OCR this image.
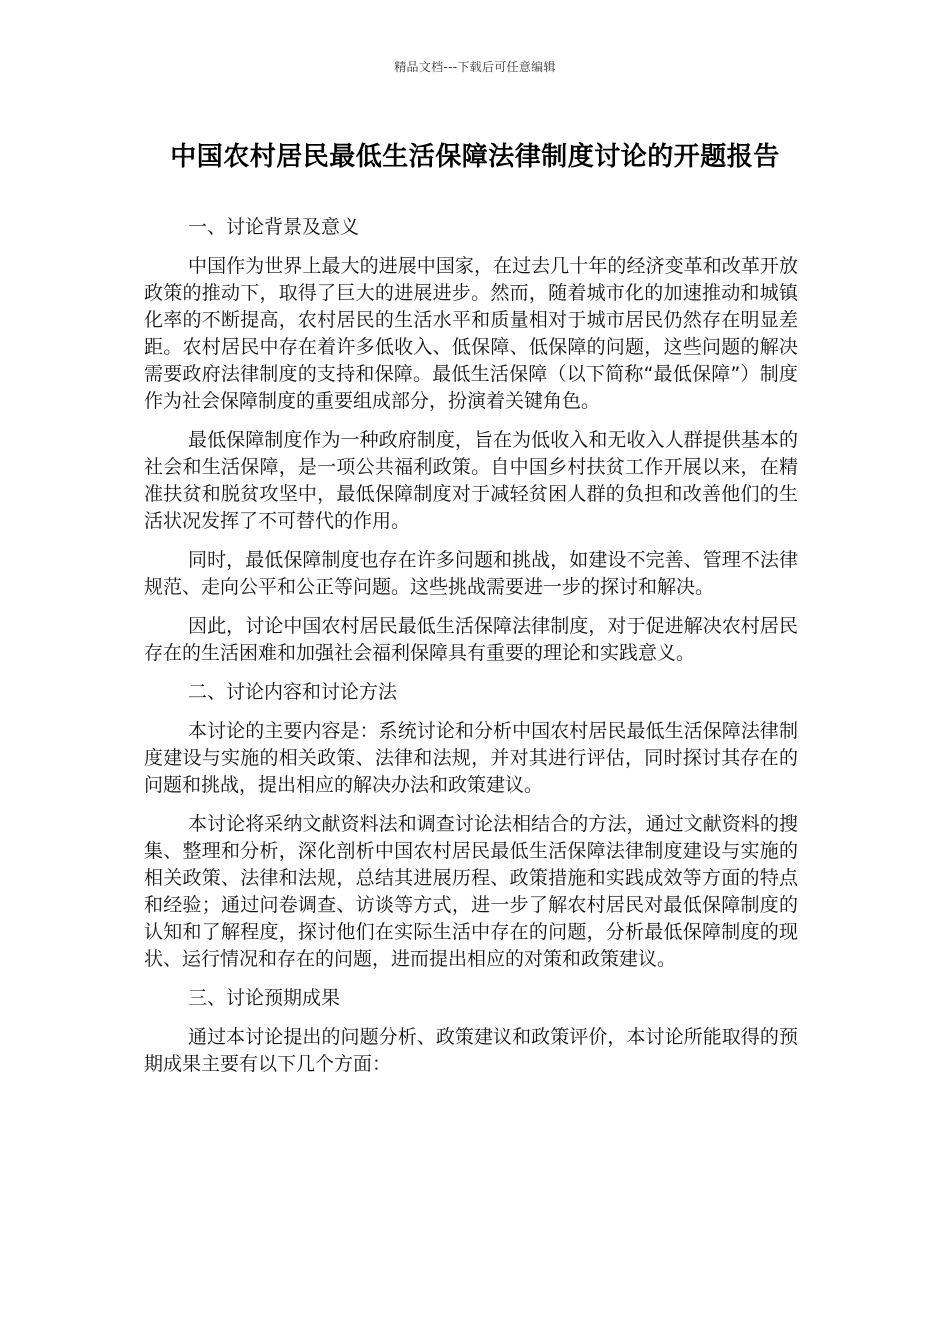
精品文档---下载后可任意编辑
中国农村居民最低生活保障法律制度讨论的开题报告
一、讨论背景及意义

中国作为世界上最大的进展中国家，在过去几十年的经济变革和改革开放政策的推动下，取得了巨大的进展进步。然而，随着城市化的加速推动和城镇化率的不断提高，农村居民的生活水平和质量相对于城市居民仍然存在明显差距。农村居民中存在着许多低收入、低保障、低保障的问题，这些问题的解决需要政府法律制度的支持和保障。最低生活保障（以下简称“最低保障”）制度作为社会保障制度的重要组成部分，扮演着关键角色。

最低保障制度作为一种政府制度，旨在为低收入和无收入人群提供基本的社会和生活保障，是一项公共福利政策。自中国乡村扶贫工作开展以来，在精准扶贫和脱贫攻坚中，最低保障制度对于减轻贫困人群的负担和改善他们的生活状况发挥了不可替代的作用。

同时，最低保障制度也存在许多问题和挑战，如建设不完善、管理不法律规范、走向公平和公正等问题。这些挑战需要进一步的探讨和解决。

因此，讨论中国农村居民最低生活保障法律制度，对于促进解决农村居民存在的生活困难和加强社会福利保障具有重要的理论和实践意义。

二、讨论内容和讨论方法

本讨论的主要内容是：系统讨论和分析中国农村居民最低生活保障法律制度建设与实施的相关政策、法律和法规，并对其进行评估，同时探讨其存在的问题和挑战，提出相应的解决办法和政策建议。

本讨论将采纳文献资料法和调查讨论法相结合的方法，通过文献资料的搜集、整理和分析，深化剖析中国农村居民最低生活保障法律制度建设与实施的相关政策、法律和法规，总结其进展历程、政策措施和实践成效等方面的特点和经验；通过问卷调查、访谈等方式，进一步了解农村居民对最低保障制度的认知和了解程度，探讨他们在实际生活中存在的问题，分析最低保障制度的现状、运行情况和存在的问题，进而提出相应的对策和政策建议。

三、讨论预期成果

通过本讨论提出的问题分析、政策建议和政策评价，本讨论所能取得的预期成果主要有以下几个方面：
